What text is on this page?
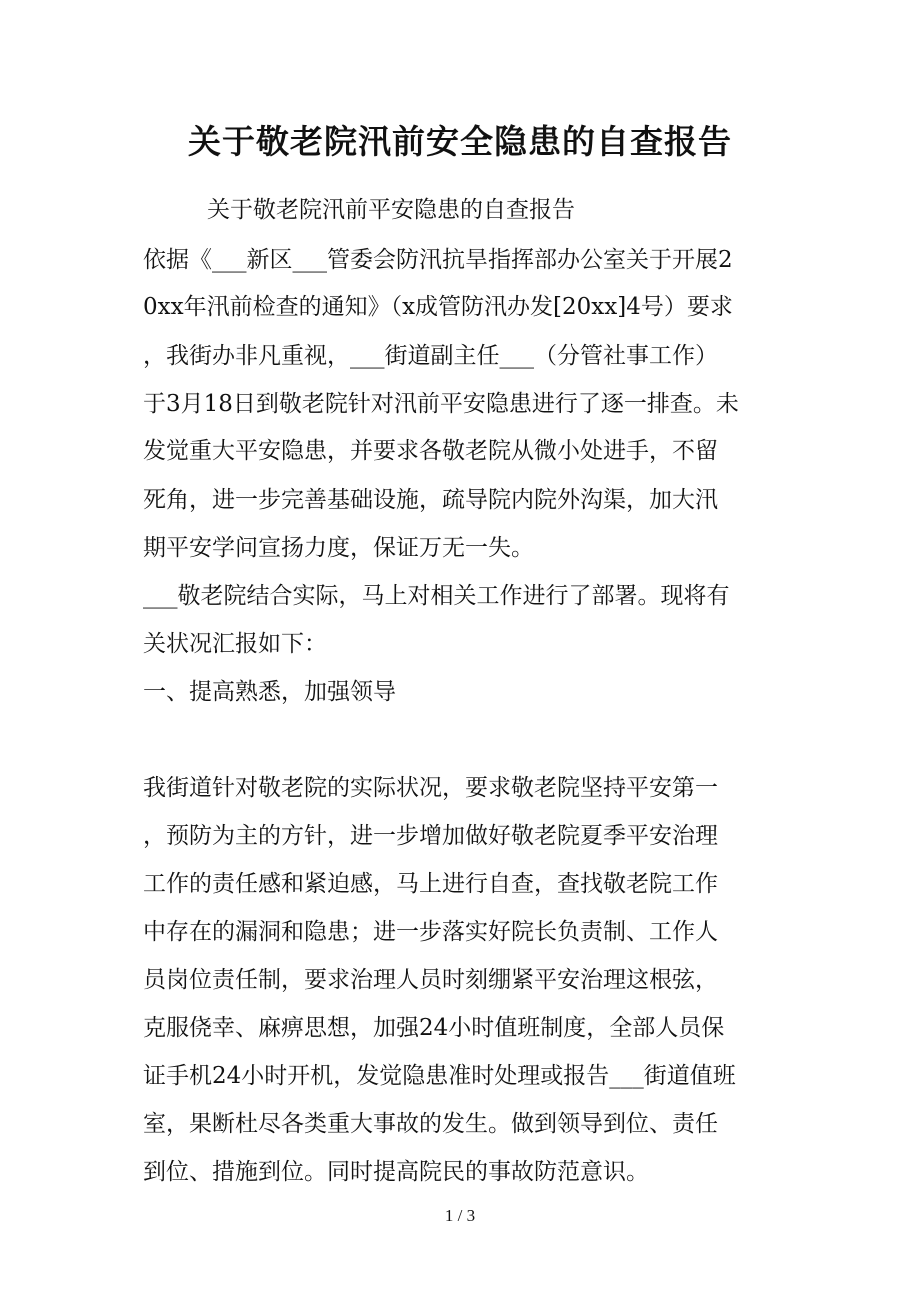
关于敬老院汛前安全隐患的自查报告

关于敬老院汛前平安隐患的自查报告

依据《___新区___管委会防汛抗旱指挥部办公室关于开展2

0xx年汛前检查的通知》（x成管防汛办发[20xx]4号）要求

，我街办非凡重视，___街道副主任___（分管社事工作）

于3月18日到敬老院针对汛前平安隐患进行了逐一排查。未

发觉重大平安隐患，并要求各敬老院从微小处进手，不留

死角，进一步完善基础设施，疏导院内院外沟渠，加大汛

期平安学问宣扬力度，保证万无一失。

___敬老院结合实际，马上对相关工作进行了部署。现将有

关状况汇报如下：

一、提高熟悉，加强领导

我街道针对敬老院的实际状况，要求敬老院坚持平安第一

，预防为主的方针，进一步增加做好敬老院夏季平安治理

工作的责任感和紧迫感，马上进行自查，查找敬老院工作

中存在的漏洞和隐患；进一步落实好院长负责制、工作人

员岗位责任制，要求治理人员时刻绷紧平安治理这根弦，

克服侥幸、麻痹思想，加强24小时值班制度，全部人员保

证手机24小时开机，发觉隐患准时处理或报告___街道值班

室，果断杜尽各类重大事故的发生。做到领导到位、责任

到位、措施到位。同时提高院民的事故防范意识。

1 / 3
